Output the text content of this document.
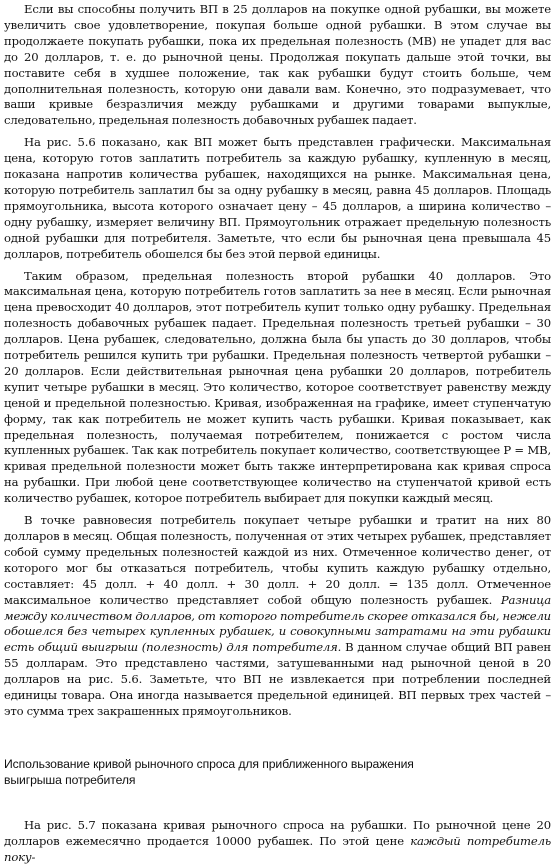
Если вы способны получить ВП в 25 долларов на покупке одной рубашки, вы можете увеличить свое удовлетворение, покупая больше одной рубашки. В этом случае вы продолжаете покупать рубашки, пока их предельная полезность (MB) не упадет для вас до 20 долларов, т. е. до рыночной цены. Продолжая покупать дальше этой точки, вы поставите себя в худшее положение, так как рубашки будут стоить больше, чем дополнительная полезность, которую они давали вам. Конечно, это подразумевает, что ваши кривые безразличия между рубашками и другими товарами выпуклые, следовательно, предельная полезность добавочных рубашек падает.

На рис. 5.6 показано, как ВП может быть представлен графически. Максимальная цена, которую готов заплатить потребитель за каждую рубашку, купленную в месяц, показана напротив количества рубашек, находящихся на рынке. Максимальная цена, которую потребитель заплатил бы за одну рубашку в месяц, равна 45 долларов. Площадь прямоугольника, высота которого означает цену – 45 долларов, а ширина количество – одну рубашку, измеряет величину ВП. Прямоугольник отражает предельную полезность одной рубашки для потребителя. Заметьте, что если бы рыночная цена превышала 45 долларов, потребитель обошелся бы без этой первой единицы.

Таким образом, предельная полезность второй рубашки 40 долларов. Это максимальная цена, которую потребитель готов заплатить за нее в месяц. Если рыночная цена превосходит 40 долларов, этот потребитель купит только одну рубашку. Предельная полезность добавочных рубашек падает. Предельная полезность третьей рубашки – 30 долларов. Цена рубашек, следовательно, должна была бы упасть до 30 долларов, чтобы потребитель решился купить три рубашки. Предельная полезность четвертой рубашки – 20 долларов. Если действительная рыночная цена рубашки 20 долларов, потребитель купит четыре рубашки в месяц. Это количество, которое соответствует равенству между ценой и предельной полезностью. Кривая, изображенная на графике, имеет ступенчатую форму, так как потребитель не может купить часть рубашки. Кривая показывает, как предельная полезность, получаемая потребителем, понижается с ростом числа купленных рубашек. Так как потребитель покупает количество, соответствующее P = MB, кривая предельной полезности может быть также интерпретирована как кривая спроса на рубашки. При любой цене соответствующее количество на ступенчатой кривой есть количество рубашек, которое потребитель выбирает для покупки каждый месяц.

В точке равновесия потребитель покупает четыре рубашки и тратит на них 80 долларов в месяц. Общая полезность, полученная от этих четырех рубашек, представляет собой сумму предельных полезностей каждой из них. Отмеченное количество денег, от которого мог бы отказаться потребитель, чтобы купить каждую рубашку отдельно, составляет: 45 долл. + 40 долл. + 30 долл. + 20 долл. = 135 долл. Отмеченное максимальное количество представляет собой общую полезность рубашек. Разница между количеством долларов, от которого потребитель скорее отказался бы, нежели обошелся без четырех купленных рубашек, и совокупными затратами на эти рубашки есть общий выигрыш (полезность) для потребителя. В данном случае общий ВП равен 55 долларам. Это представлено частями, затушеванными над рыночной ценой в 20 долларов на рис. 5.6. Заметьте, что ВП не извлекается при потреблении последней единицы товара. Она иногда называется предельной единицей. ВП первых трех частей – это сумма трех закрашенных прямоугольников.

Использование кривой рыночного спроса для приближенного выражения
выигрыша потребителя

На рис. 5.7 показана кривая рыночного спроса на рубашки. По рыночной цене 20 долларов ежемесячно продается 10000 рубашек. По этой цене каждый потребитель поку-
